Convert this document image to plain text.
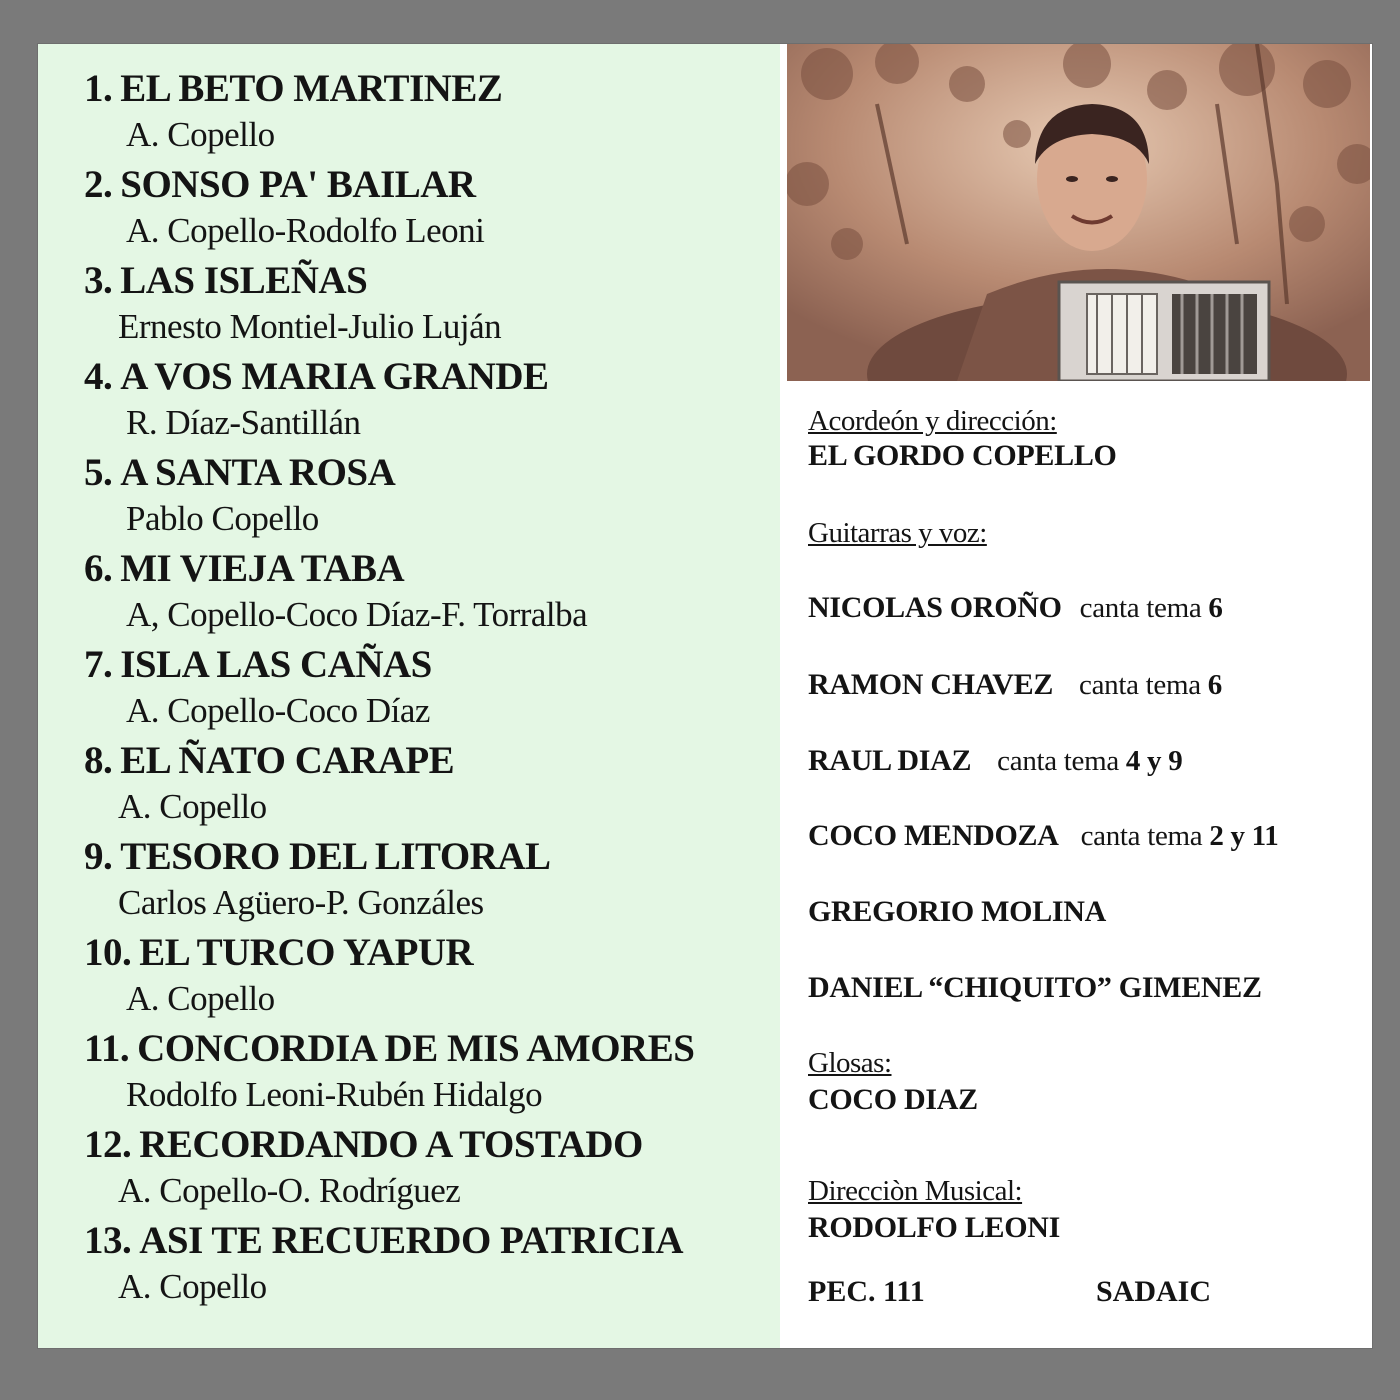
1. EL BETO MARTINEZ
A. Copello
2. SONSO PA' BAILAR
A. Copello-Rodolfo Leoni
3. LAS ISLEÑAS
Ernesto Montiel-Julio Luján
4. A VOS MARIA GRANDE
R. Díaz-Santillán
5. A SANTA ROSA
Pablo Copello
6. MI VIEJA TABA
A, Copello-Coco Díaz-F. Torralba
7. ISLA LAS CAÑAS
A. Copello-Coco Díaz
8. EL ÑATO CARAPE
A. Copello
9. TESORO DEL LITORAL
Carlos Agüero-P. Gonzáles
10. EL TURCO YAPUR
A. Copello
11. CONCORDIA DE MIS AMORES
Rodolfo Leoni-Rubén Hidalgo
12. RECORDANDO A TOSTADO
A. Copello-O. Rodríguez
13. ASI TE RECUERDO PATRICIA
A. Copello
Acordeón y dirección:
EL GORDO COPELLO
Guitarras y voz:
NICOLAS OROÑO canta tema 6
RAMON CHAVEZ canta tema 6
RAUL DIAZ canta tema 4 y 9
COCO MENDOZA canta tema 2 y 11
GREGORIO MOLINA
DANIEL “CHIQUITO” GIMENEZ
Glosas:
COCO DIAZ
Direcciòn Musical:
RODOLFO LEONI
PEC. 111	SADAIC
